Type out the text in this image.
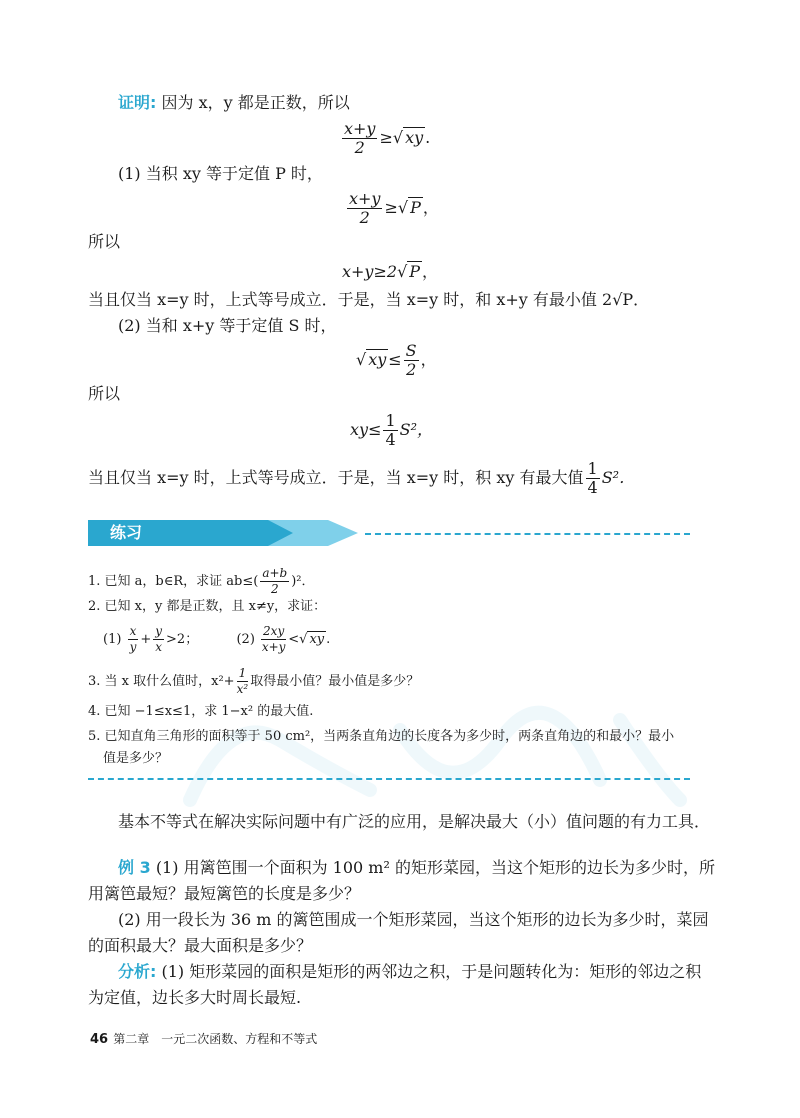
证明: 因为 x，y 都是正数，所以
$\frac{x+y}{2}$ ≥√ xy .
(1) 当积 xy 等于定值 P 时，
$\frac{x+y}{2}$ ≥√ P ，
所以
x+y≥2√ P ，
当且仅当 x=y 时，上式等号成立．于是，当 x=y 时，和 x+y 有最小值 2√P．
(2) 当和 x+y 等于定值 S 时，
√ xy ≤ $\frac{S}{2}$ ，
所以
$xy\le \frac{1}{4} S^2$，
当且仅当 x=y 时，上式等号成立．于是，当 x=y 时，积 xy 有最大值 $\frac{1}{4} S^2$．
练习
1. 已知 a，b∈R，求证 $ab\le( \frac{a+b}{2} )^2$．
2. 已知 x，y 都是正数，且 x≠y，求证：
$(1) \frac{x}{y} + \frac{y}{x} >2$；	$(2) \frac{2xy}{x+y}$ <√ xy .
3. 当 x 取什么值时，$x^2+ \frac{1}{\text{x²}}$ 取得最小值？最小值是多少？
4. 已知 −1≤x≤1，求 1−x² 的最大值.
5. 已知直角三角形的面积等于 50 cm²，当两条直角边的长度各为多少时，两条直角边的和最小？最小
值是多少？
基本不等式在解决实际问题中有广泛的应用，是解决最大（小）值问题的有力工具．
例 3 (1) 用篱笆围一个面积为 100 m² 的矩形菜园，当这个矩形的边长为多少时，所
用篱笆最短？最短篱笆的长度是多少？
(2) 用一段长为 36 m 的篱笆围成一个矩形菜园，当这个矩形的边长为多少时，菜园
的面积最大？最大面积是多少？
分析: (1) 矩形菜园的面积是矩形的两邻边之积，于是问题转化为：矩形的邻边之积
为定值，边长多大时周长最短.
46 第二章　一元二次函数、方程和不等式
